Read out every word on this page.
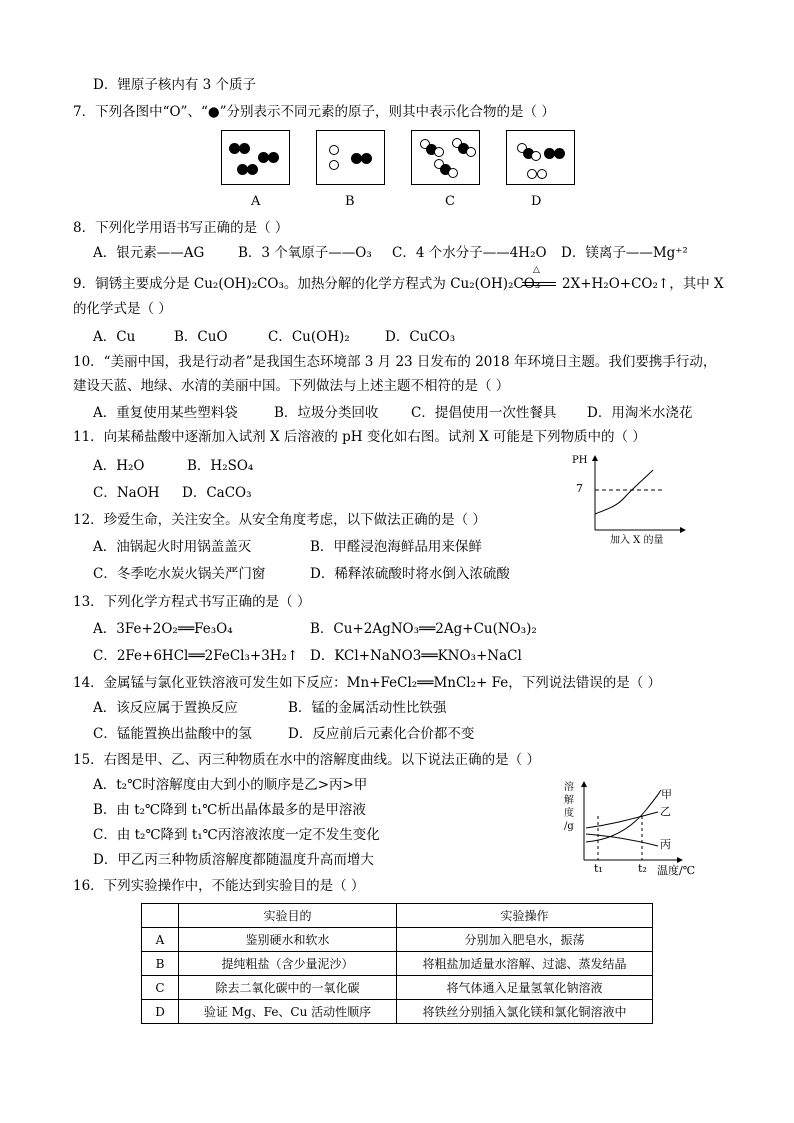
D．锂原子核内有 3 个质子
7．下列各图中“O”、“●”分别表示不同元素的原子，则其中表示化合物的是（ ）
A	B	C	D
8．下列化学用语书写正确的是（ ）
A．银元素——AG B．3 个氧原子——O₃ C．4 个水分子——4H₂O D．镁离子——Mg⁺²
9．铜锈主要成分是 Cu₂(OH)₂CO₃。加热分解的化学方程式为 Cu₂(OH)₂CO₃
△
2X+H₂O+CO₂↑，其中 X
的化学式是（ ）
A．Cu	B．CuO	C．Cu(OH)₂	D．CuCO₃
10．“美丽中国，我是行动者”是我国生态环境部 3 月 23 日发布的 2018 年环境日主题。我们要携手行动，
建设天蓝、地绿、水清的美丽中国。下列做法与上述主题不相符的是（ ）
A．重复使用某些塑料袋	B．垃圾分类回收 C．提倡使用一次性餐具 D．用淘米水浇花
11．向某稀盐酸中逐渐加入试剂 X 后溶液的 pH 变化如右图。试剂 X 可能是下列物质中的（ ）
A．H₂O	B．H₂SO₄
C．NaOH D．CaCO₃
PH
7
加入 X 的量
12．珍爱生命，关注安全。从安全角度考虑，以下做法正确的是（ ）
A．油锅起火时用锅盖盖灭	B．甲醛浸泡海鲜品用来保鲜
C．冬季吃水炭火锅关严门窗	D．稀释浓硫酸时将水倒入浓硫酸
13．下列化学方程式书写正确的是（ ）
A．3Fe+2O₂══Fe₃O₄	B．Cu+2AgNO₃══2Ag+Cu(NO₃)₂
C．2Fe+6HCl══2FeCl₃+3H₂↑ D．KCl+NaNO3══KNO₃+NaCl
14．金属锰与氯化亚铁溶液可发生如下反应：Mn+FeCl₂══MnCl₂+ Fe，下列说法错误的是（ ）
A．该反应属于置换反应	B．锰的金属活动性比铁强
C．锰能置换出盐酸中的氢	D．反应前后元素化合价都不变
15．右图是甲、乙、丙三种物质在水中的溶解度曲线。以下说法正确的是（ ）
A．t₂℃时溶解度由大到小的顺序是乙>丙>甲
B．由 t₂℃降到 t₁℃析出晶体最多的是甲溶液
C．由 t₂℃降到 t₁℃丙溶液浓度一定不发生变化
D．甲乙丙三种物质溶解度都随温度升高而增大
溶
解
度
/g
甲
乙
丙
t₁	t₂ 温度/℃
16．下列实验操作中，不能达到实验目的是（ ）
	实验目的	实验操作
A	鉴别硬水和软水	分别加入肥皂水，振荡
B	提纯粗盐（含少量泥沙）	将粗盐加适量水溶解、过滤、蒸发结晶
C	除去二氧化碳中的一氧化碳	将气体通入足量氢氧化钠溶液
D	验证 Mg、Fe、Cu 活动性顺序	将铁丝分别插入氯化镁和氯化铜溶液中
